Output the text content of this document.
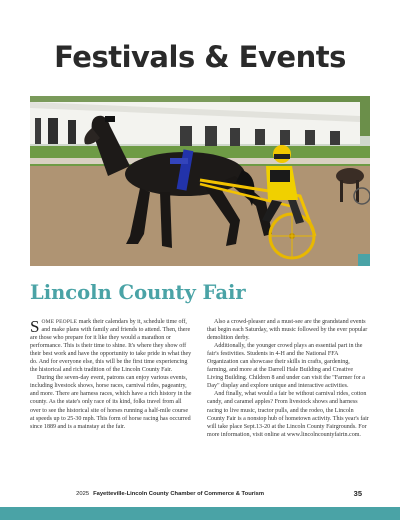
Festivals & Events
Lincoln County Fair

SOME PEOPLE mark their calendars by it, schedule time off, and make plans with family and friends to attend. Then, there are those who prepare for it like they would a marathon or performance. This is their time to shine. It's where they show off their best work and have the opportunity to take pride in what they do. And for everyone else, this will be the first time experiencing the historical and rich tradition of the Lincoln County Fair.

During the seven-day event, patrons can enjoy various events, including livestock shows, horse races, carnival rides, pageantry, and more. There are harness races, which have a rich history in the county. As the state's only race of its kind, folks travel from all over to see the historical site of horses running a half-mile course at speeds up to 25-30 mph. This form of horse racing has occurred since 1889 and is a mainstay at the fair.

Also a crowd-pleaser and a must-see are the grandstand events that begin each Saturday, with music followed by the ever popular demolition derby.

Additionally, the younger crowd plays an essential part in the fair's festivities. Students in 4-H and the National FFA Organization can showcase their skills in crafts, gardening, farming, and more at the Darrell Hale Building and Creative Living Building. Children 8 and under can visit the "Farmer for a Day" display and explore unique and interactive activities.

And finally, what would a fair be without carnival rides, cotton candy, and caramel apples? From livestock shows and harness racing to live music, tractor pulls, and the rodeo, the Lincoln County Fair is a nonstop hub of hometown activity. This year's fair will take place Sept.13-20 at the Lincoln County Fairgrounds. For more information, visit online at www.lincolncountyfairtn.com.

2025 Fayetteville-Lincoln County Chamber of Commerce & Tourism	35
